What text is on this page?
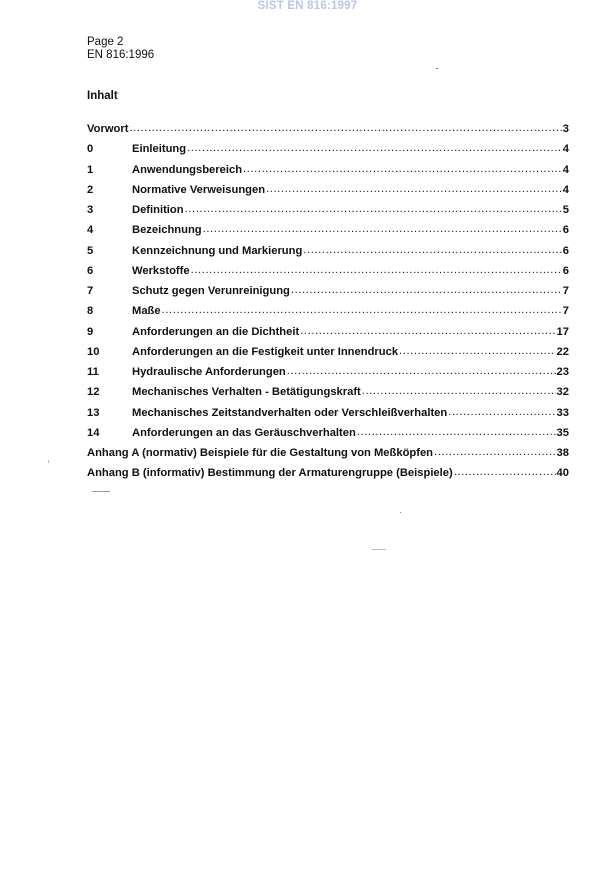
SIST EN 816:1997
Page 2
EN 816:1996
Inhalt
Vorwort .....	3
0	Einleitung .....	4
1	Anwendungsbereich .....	4
2	Normative Verweisungen .....	4
3	Definition .....	5
4	Bezeichnung .....	6
5	Kennzeichnung und Markierung .....	6
6	Werkstoffe .....	6
7	Schutz gegen Verunreinigung .....	7
8	Maße .....	7
9	Anforderungen an die Dichtheit .....	17
10	Anforderungen an die Festigkeit unter Innendruck .....	22
11	Hydraulische Anforderungen .....	23
12	Mechanisches Verhalten - Betätigungskraft .....	32
13	Mechanisches Zeitstandverhalten oder Verschleißverhalten .....	33
14	Anforderungen an das Geräuschverhalten .....	35
Anhang A (normativ) Beispiele für die Gestaltung von Meßköpfen .....	38
Anhang B (informativ) Bestimmung der Armaturengruppe (Beispiele) .....	40
